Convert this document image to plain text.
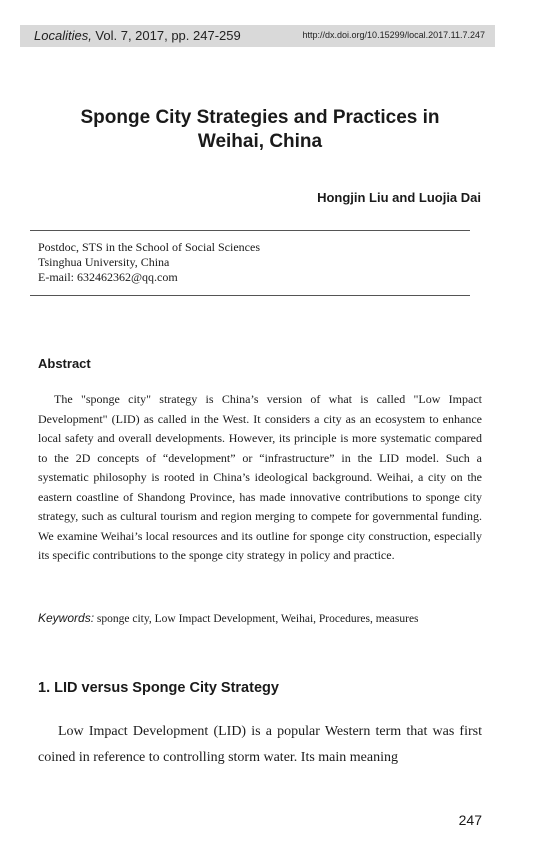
Localities, Vol. 7, 2017, pp. 247-259	http://dx.doi.org/10.15299/local.2017.11.7.247
Sponge City Strategies and Practices in
Weihai, China
Hongjin Liu and Luojia Dai
Postdoc, STS in the School of Social Sciences
Tsinghua University, China
E-mail: 632462362@qq.com
Abstract

The "sponge city" strategy is China’s version of what is called "Low Impact Development" (LID) as called in the West. It considers a city as an ecosystem to enhance local safety and overall developments. However, its principle is more systematic compared to the 2D concepts of “development” or “infrastructure” in the LID model. Such a systematic philosophy is rooted in China’s ideological background. Weihai, a city on the eastern coastline of Shandong Province, has made innovative contributions to sponge city strategy, such as cultural tourism and region merging to compete for governmental funding. We examine Weihai’s local resources and its outline for sponge city construction, especially its specific contributions to the sponge city strategy in policy and practice.

Keywords: sponge city, Low Impact Development, Weihai, Procedures, measures
1. LID versus Sponge City Strategy

Low Impact Development (LID) is a popular Western term that was first coined in reference to controlling storm water. Its main meaning

247
